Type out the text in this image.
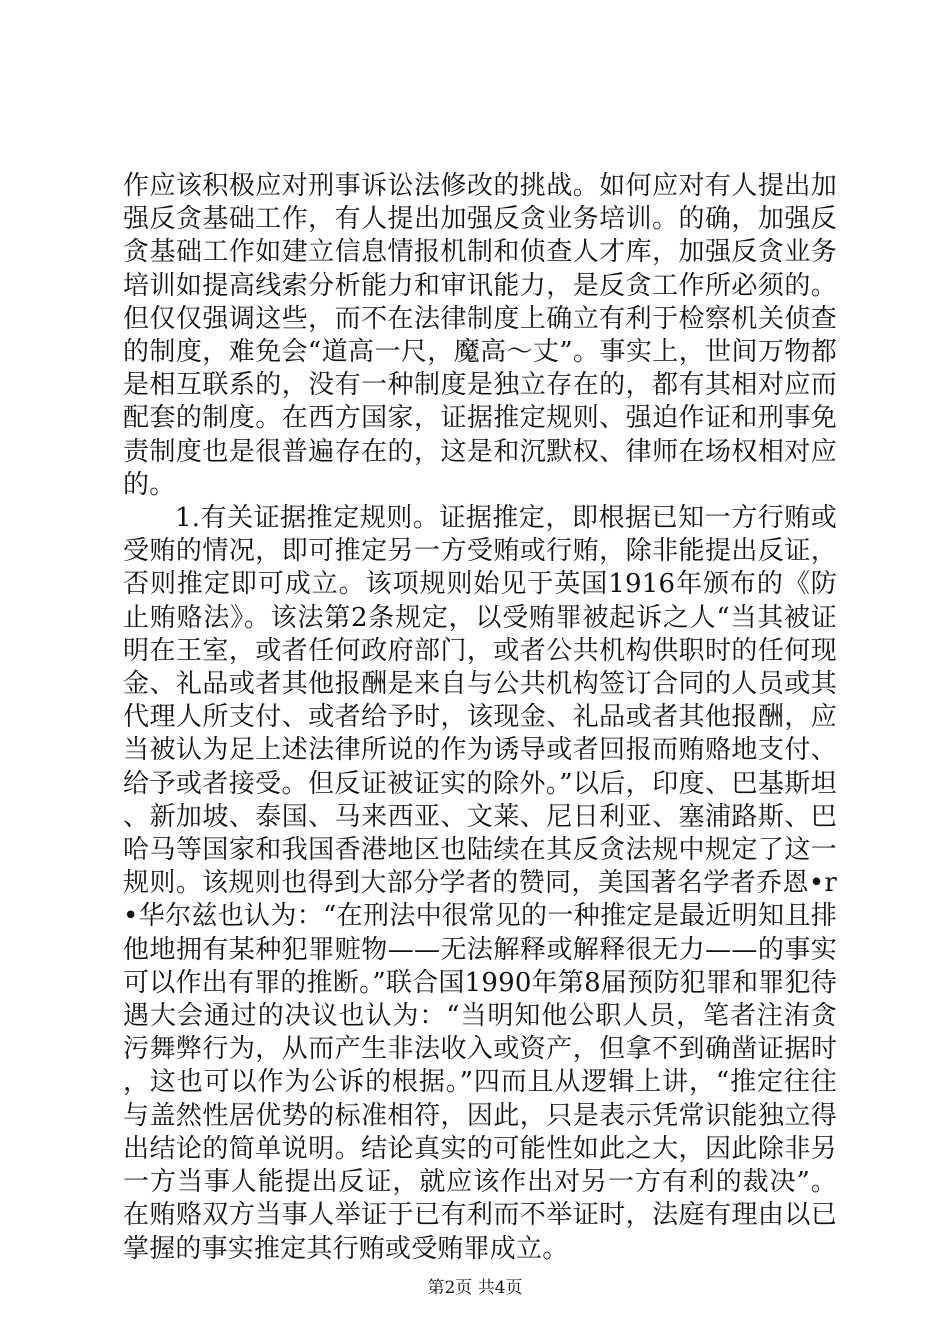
作应该积极应对刑事诉讼法修改的挑战。如何应对有人提出加强反贪基础工作，有人提出加强反贪业务培训。的确，加强反贪基础工作如建立信息情报机制和侦查人才库，加强反贪业务培训如提高线索分析能力和审讯能力，是反贪工作所必须的。但仅仅强调这些，而不在法律制度上确立有利于检察机关侦查的制度，难免会“道高一尺，魔高～丈”。事实上，世间万物都是相互联系的，没有一种制度是独立存在的，都有其相对应而配套的制度。在西方国家，证据推定规则、强迫作证和刑事免责制度也是很普遍存在的，这是和沉默权、律师在场权相对应的。

1.有关证据推定规则。证据推定，即根据已知一方行贿或受贿的情况，即可推定另一方受贿或行贿，除非能提出反证，否则推定即可成立。该项规则始见于英国1916年颁布的《防止贿赂法》。该法第2条规定，以受贿罪被起诉之人“当其被证明在王室，或者任何政府部门，或者公共机构供职时的任何现金、礼品或者其他报酬是来自与公共机构签订合同的人员或其代理人所支付、或者给予时，该现金、礼品或者其他报酬，应当被认为足上述法律所说的作为诱导或者回报而贿赂地支付、给予或者接受。但反证被证实的除外。”以后，印度、巴基斯坦、新加坡、泰国、马来西亚、文莱、尼日利亚、塞浦路斯、巴哈马等国家和我国香港地区也陆续在其反贪法规中规定了这一规则。该规则也得到大部分学者的赞同，美国著名学者乔恩•r•华尔兹也认为：“在刑法中很常见的一种推定是最近明知且排他地拥有某种犯罪赃物——无法解释或解释很无力——的事实可以作出有罪的推断。”联合国1990年第8届预防犯罪和罪犯待遇大会通过的决议也认为：“当明知他公职人员，笔者注洧贪污舞弊行为，从而产生非法收入或资产，但拿不到确凿证据时，这也可以作为公诉的根据。”四而且从逻辑上讲，“推定往往与盖然性居优势的标准相符，因此，只是表示凭常识能独立得出结论的简单说明。结论真实的可能性如此之大，因此除非另一方当事人能提出反证，就应该作出对另一方有利的裁决”。在贿赂双方当事人举证于已有利而不举证时，法庭有理由以已掌握的事实推定其行贿或受贿罪成立。

第2页 共4页
